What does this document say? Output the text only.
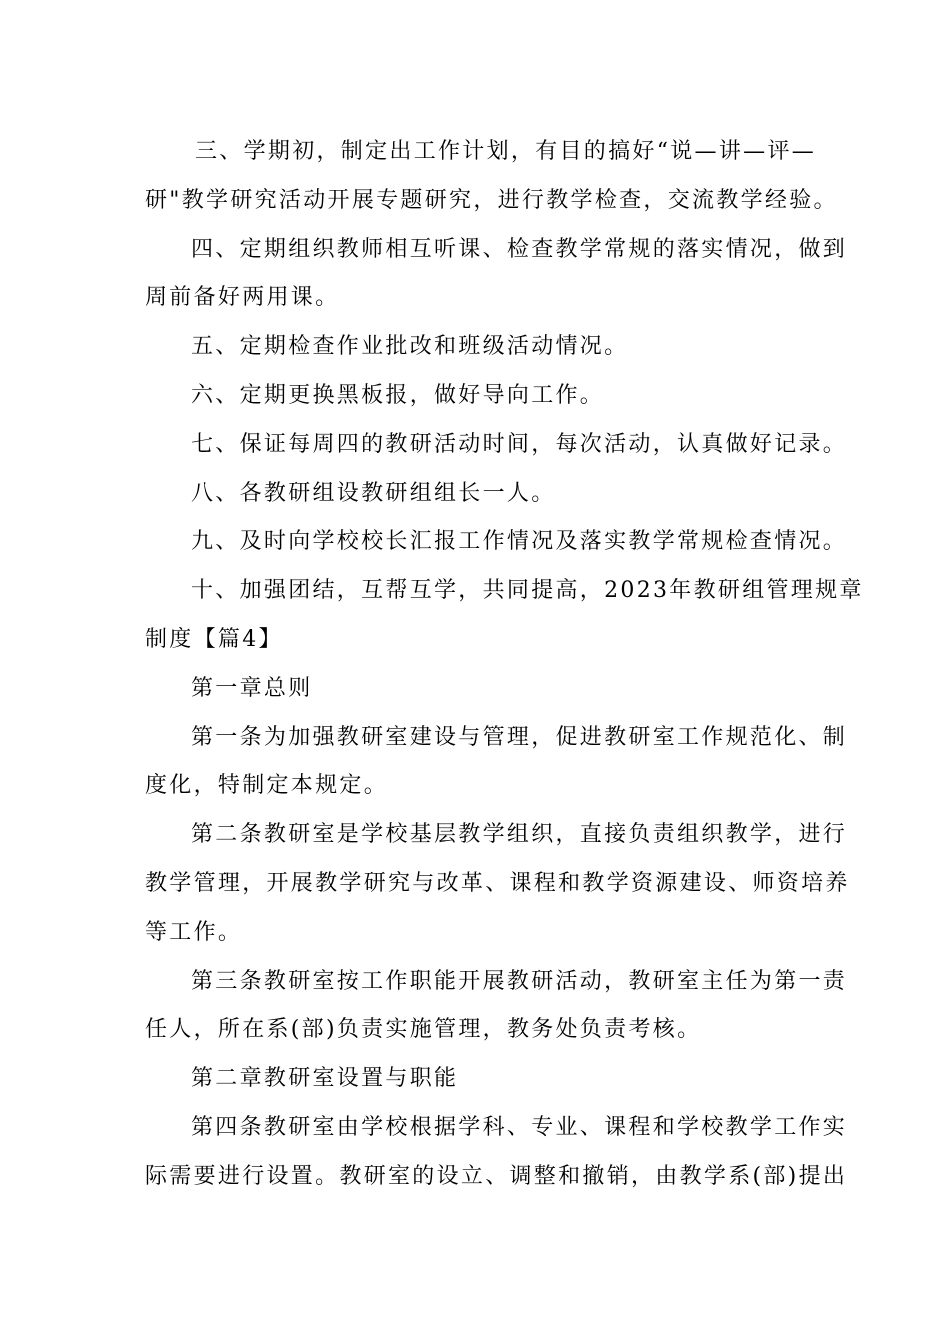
三、学期初，制定出工作计划，有目的搞好“说—讲—评—
研"教学研究活动开展专题研究，进行教学检查，交流教学经验。

四、定期组织教师相互听课、检查教学常规的落实情况，做到
周前备好两用课。

五、定期检查作业批改和班级活动情况。

六、定期更换黑板报，做好导向工作。

七、保证每周四的教研活动时间，每次活动，认真做好记录。

八、各教研组设教研组组长一人。

九、及时向学校校长汇报工作情况及落实教学常规检查情况。

十、加强团结，互帮互学，共同提高，2023年教研组管理规章
制度【篇4】

第一章总则

第一条为加强教研室建设与管理，促进教研室工作规范化、制
度化，特制定本规定。

第二条教研室是学校基层教学组织，直接负责组织教学，进行
教学管理，开展教学研究与改革、课程和教学资源建设、师资培养
等工作。

第三条教研室按工作职能开展教研活动，教研室主任为第一责
任人，所在系(部)负责实施管理，教务处负责考核。

第二章教研室设置与职能

第四条教研室由学校根据学科、专业、课程和学校教学工作实
际需要进行设置。教研室的设立、调整和撤销，由教学系(部)提出
